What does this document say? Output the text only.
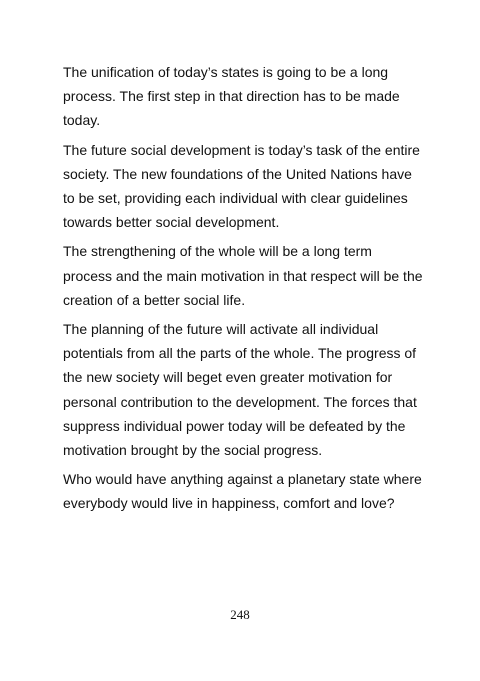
The unification of today’s states is going to be a long process. The first step in that direction has to be made today.

The future social development is today’s task of the entire society. The new foundations of the United Nations have to be set, providing each individual with clear guidelines towards better social development.

The strengthening of the whole will be a long term process and the main motivation in that respect will be the creation of a better social life.

The planning of the future will activate all individual potentials from all the parts of the whole. The progress of the new society will beget even greater motivation for personal contribution to the development. The forces that suppress individual power today will be defeated by the motivation brought by the social progress.

Who would have anything against a planetary state where everybody would live in happiness, comfort and love?

248
